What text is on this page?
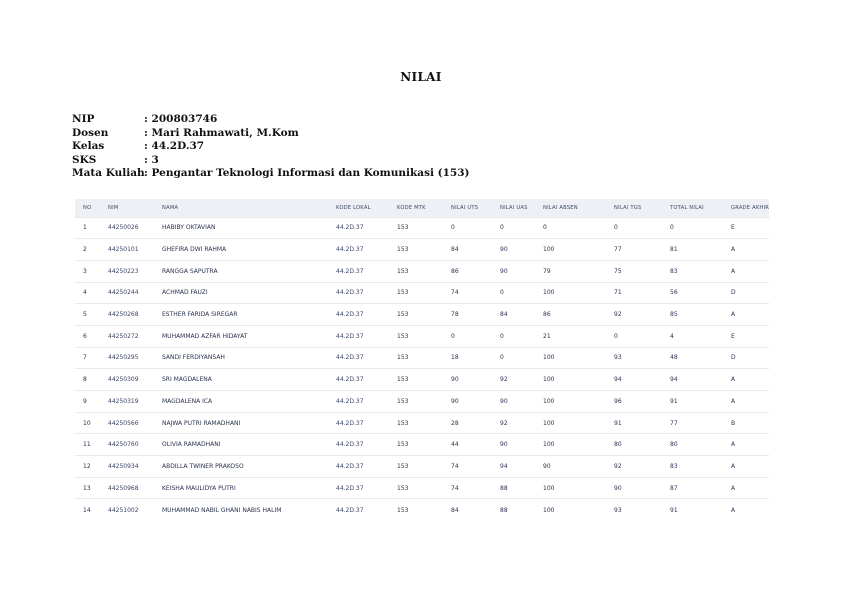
NILAI
NIP	: 200803746
Dosen	: Mari Rahmawati, M.Kom
Kelas	: 44.2D.37
SKS	: 3
Mata Kuliah : Pengantar Teknologi Informasi dan Komunikasi (153)
NO	NIM	NAMA	KODE LOKAL	KODE MTK	NILAI UTS	NILAI UAS	NILAI ABSEN	NILAI TGS	TOTAL NILAI	GRADE AKHIR
1	44250026	HABIBY OKTAVIAN	44.2D.37	153	0	0	0	0	0	E
2	44250101	GHEFIRA DWI RAHMA	44.2D.37	153	84	90	100	77	81	A
3	44250223	RANGGA SAPUTRA	44.2D.37	153	86	90	79	75	83	A
4	44250244	ACHMAD FAUZI	44.2D.37	153	74	0	100	71	56	D
5	44250268	ESTHER FARIDA SIREGAR	44.2D.37	153	78	84	86	92	85	A
6	44250272	MUHAMMAD AZFAR HIDAYAT	44.2D.37	153	0	0	21	0	4	E
7	44250295	SANDI FERDIYANSAH	44.2D.37	153	18	0	100	93	48	D
8	44250309	SRI MAGDALENA	44.2D.37	153	90	92	100	94	94	A
9	44250319	MAGDALENA ICA	44.2D.37	153	90	90	100	96	91	A
10	44250566	NAJWA PUTRI RAMADHANI	44.2D.37	153	28	92	100	91	77	B
11	44250760	OLIVIA RAMADHANI	44.2D.37	153	44	90	100	80	80	A
12	44250934	ABDILLA TWINER PRAKOSO	44.2D.37	153	74	94	90	92	83	A
13	44250968	KEISHA MAULIDYA PUTRI	44.2D.37	153	74	88	100	90	87	A
14	44251002	MUHAMMAD NABIL GHANI NABIS HALIM	44.2D.37	153	84	88	100	93	91	A
